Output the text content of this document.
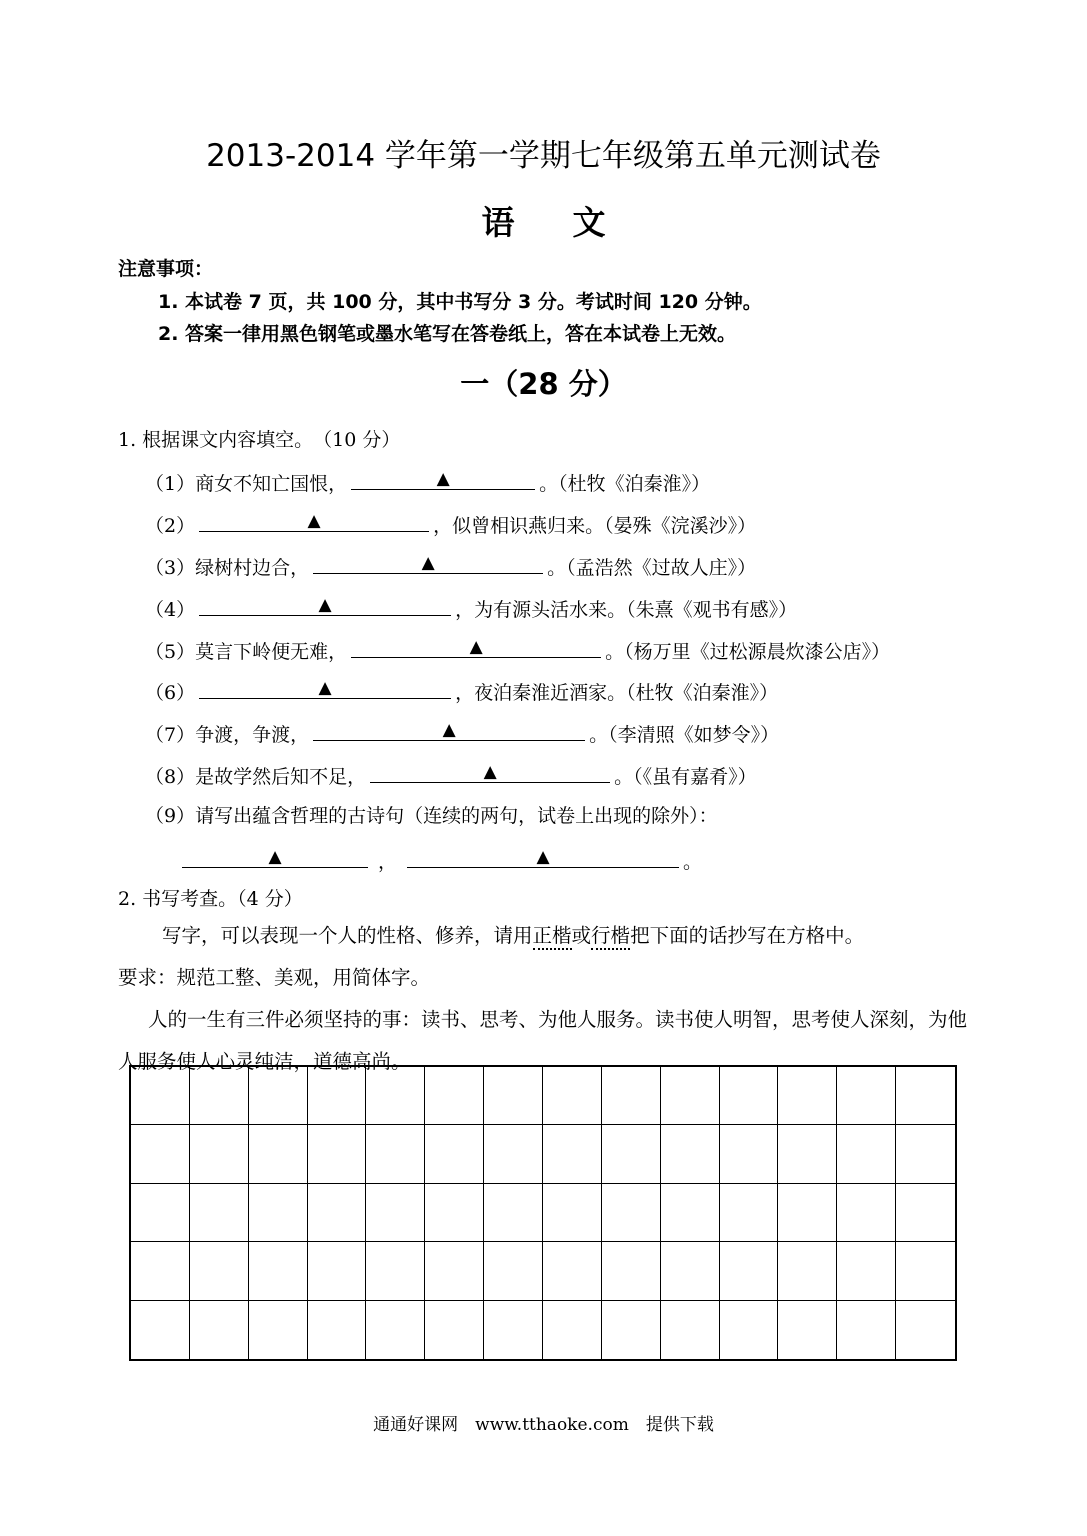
2013-2014 学年第一学期七年级第五单元测试卷
语文
注意事项：
1. 本试卷 7 页，共 100 分，其中书写分 3 分。考试时间 120 分钟。
2. 答案一律用黑色钢笔或墨水笔写在答卷纸上，答在本试卷上无效。
一（28 分）
1. 根据课文内容填空。　（10 分）
（1） 商女不知亡国恨，	▲	。（杜牧《泊秦淮》）
（2）	▲	，似曾相识燕归来。（晏殊《浣溪沙》）
（3） 绿树村边合，	▲	。（孟浩然《过故人庄》）
（4）	▲	，为有源头活水来。（朱熹《观书有感》）
（5） 莫言下岭便无难，	▲	。（杨万里《过松源晨炊漆公店》）
（6）	▲	，夜泊秦淮近酒家。（杜牧《泊秦淮》）
（7） 争渡，争渡，	▲	。（李清照《如梦令》）
（8） 是故学然后知不足，	▲	。（《虽有嘉肴》）
（9） 请写出蕴含哲理的古诗句（连续的两句，试卷上出现的除外）：
▲	，	▲	。
2. 书写考查。（4 分）
写字，可以表现一个人的性格、修养，请用正楷或行楷把下面的话抄写在方格中。
要求：规范工整、美观，用简体字。
人的一生有三件必须坚持的事：读书、思考、为他人服务。读书使人明智，思考使人深刻，为他人服务使人心灵纯洁，道德高尚。
通通好课网　www.tthaoke.com　提供下载
